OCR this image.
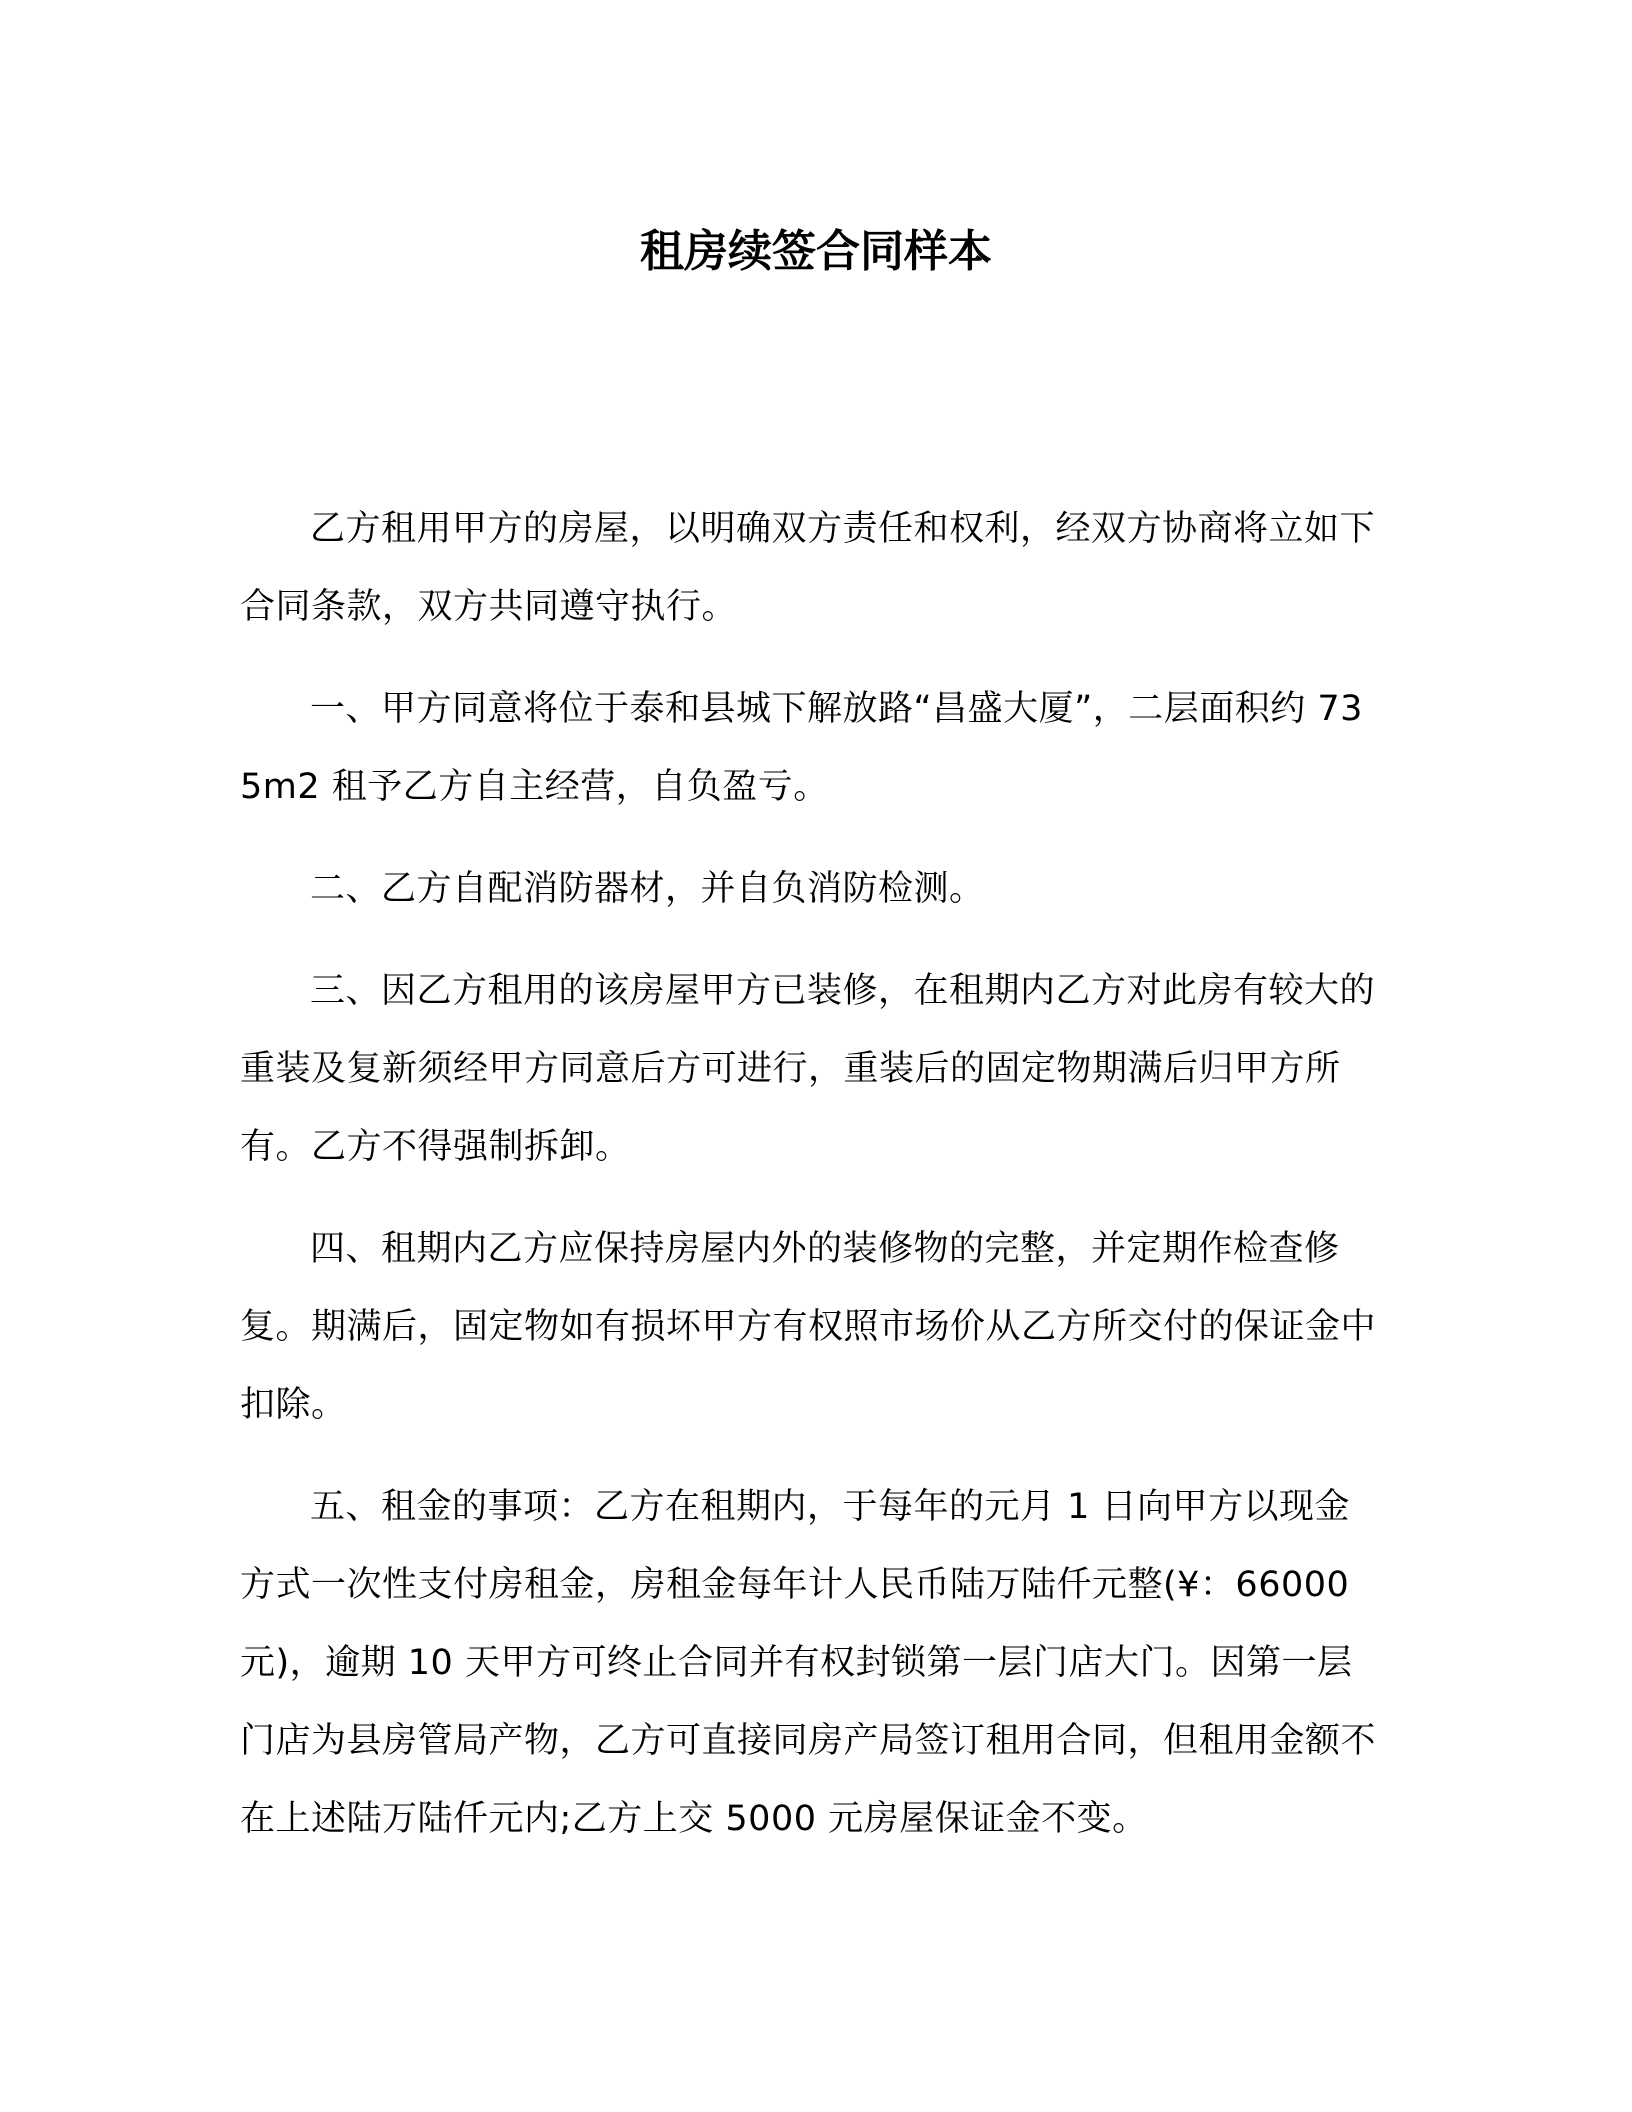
租房续签合同样本

乙方租用甲方的房屋，以明确双方责任和权利，经双方协商将立如下合同条款，双方共同遵守执行。

一、甲方同意将位于泰和县城下解放路“昌盛大厦”，二层面积约 735m2 租予乙方自主经营，自负盈亏。

二、乙方自配消防器材，并自负消防检测。

三、因乙方租用的该房屋甲方已装修，在租期内乙方对此房有较大的重装及复新须经甲方同意后方可进行，重装后的固定物期满后归甲方所有。乙方不得强制拆卸。

四、租期内乙方应保持房屋内外的装修物的完整，并定期作检查修复。期满后，固定物如有损坏甲方有权照市场价从乙方所交付的保证金中扣除。

五、租金的事项：乙方在租期内，于每年的元月 1 日向甲方以现金方式一次性支付房租金，房租金每年计人民币陆万陆仟元整(¥：66000 元)，逾期 10 天甲方可终止合同并有权封锁第一层门店大门。因第一层门店为县房管局产物，乙方可直接同房产局签订租用合同，但租用金额不在上述陆万陆仟元内;乙方上交 5000 元房屋保证金不变。
